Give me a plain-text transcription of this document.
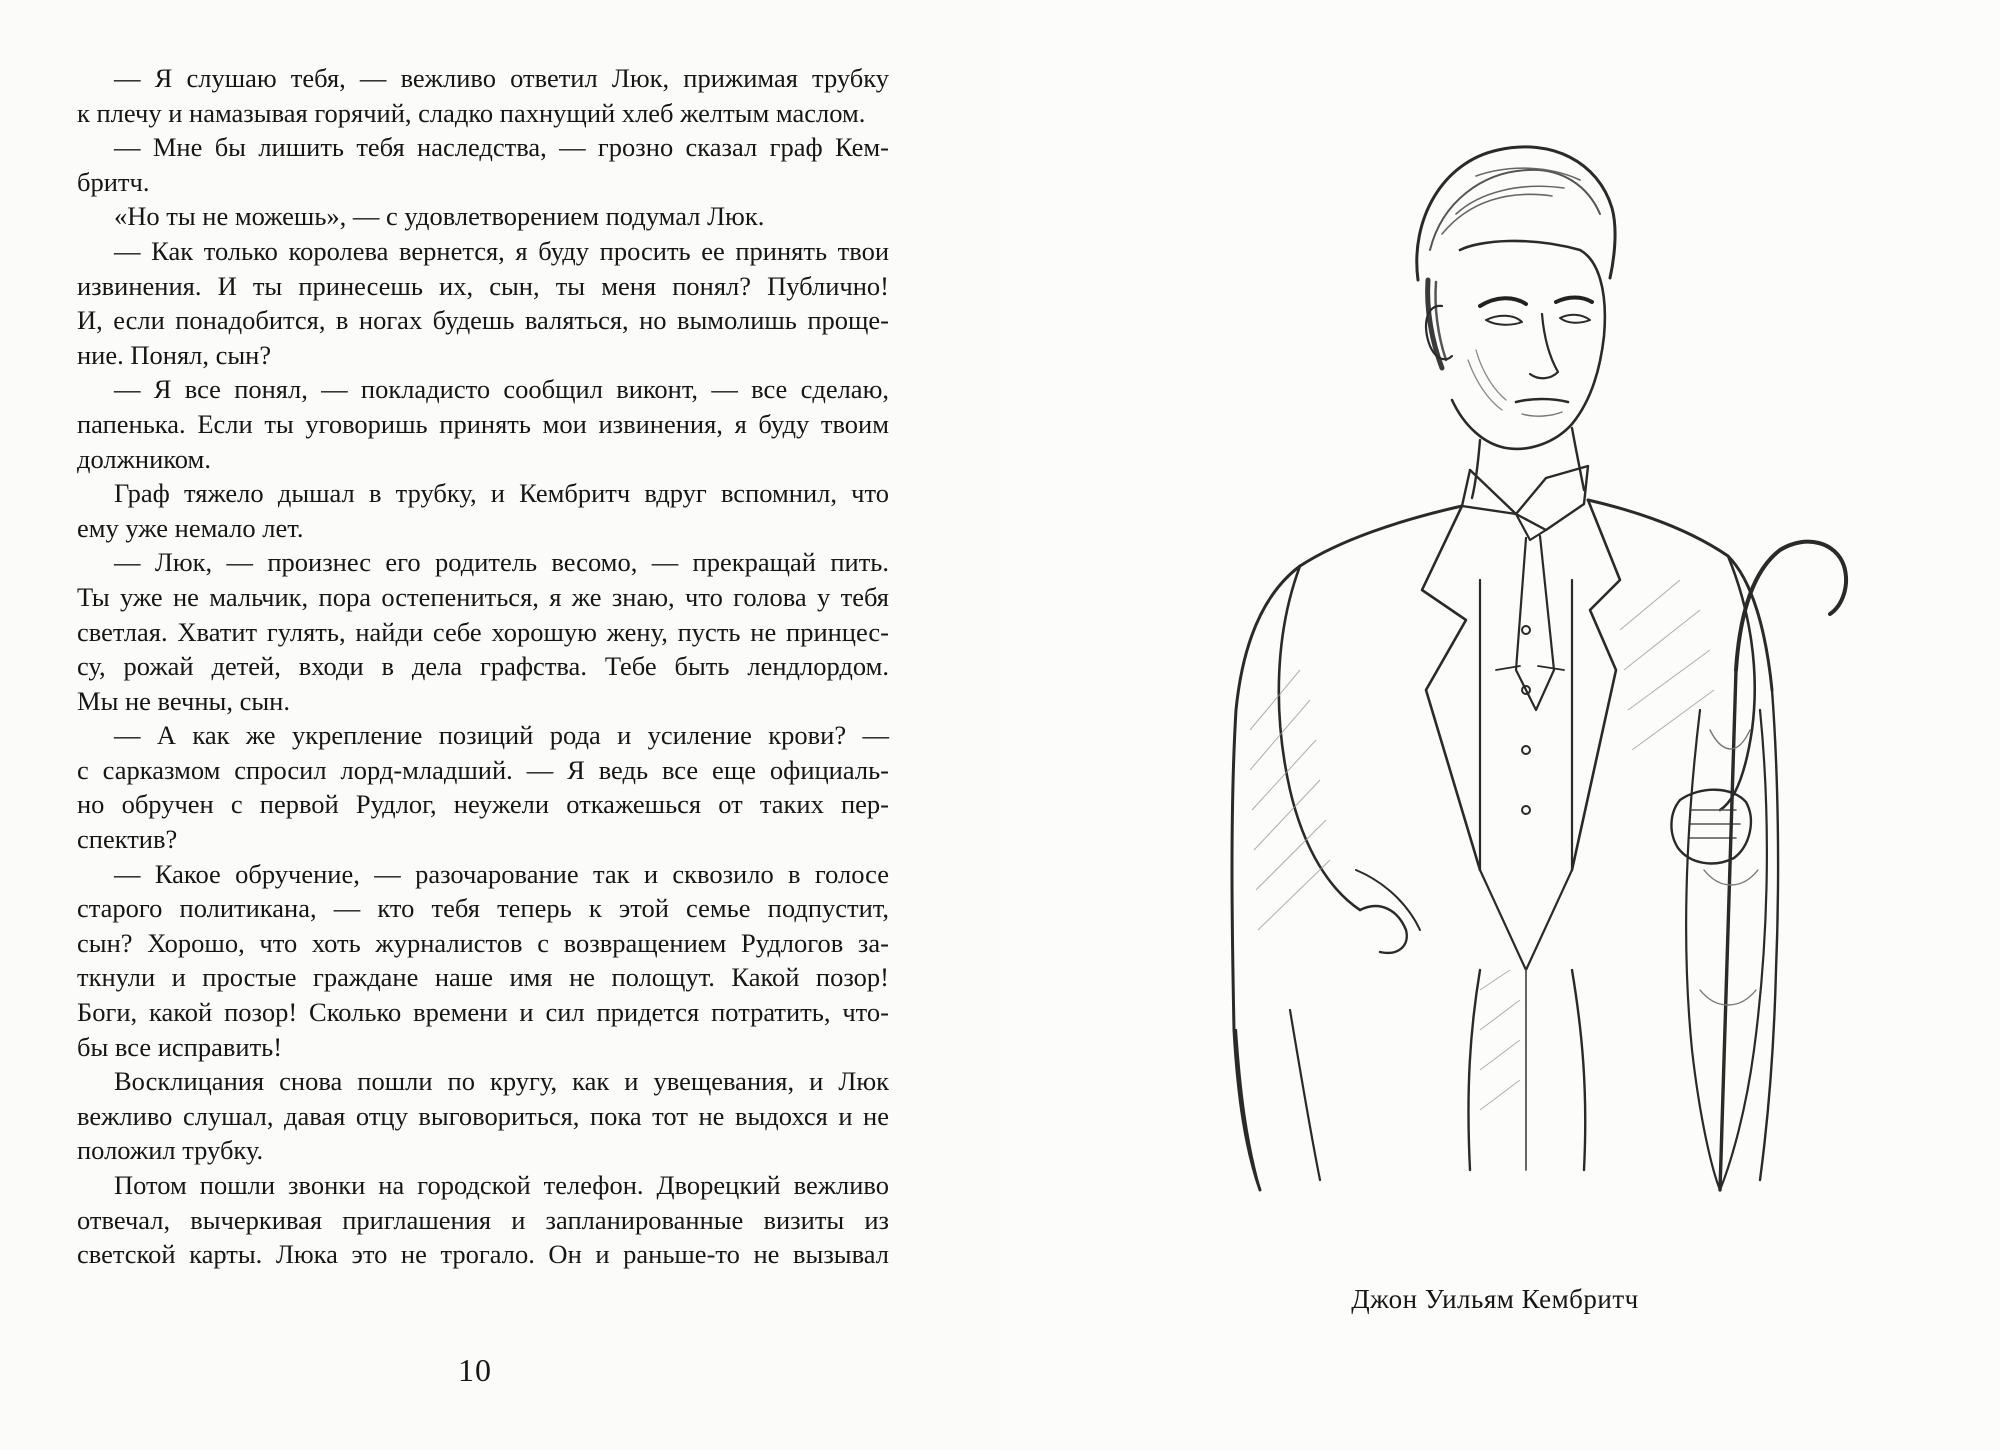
— Я слушаю тебя, — вежливо ответил Люк, прижимая трубку
к плечу и намазывая горячий, сладко пахнущий хлеб желтым маслом.
— Мне бы лишить тебя наследства, — грозно сказал граф Кем-
бритч.
«Но ты не можешь», — с удовлетворением подумал Люк.
— Как только королева вернется, я буду просить ее принять твои
извинения. И ты принесешь их, сын, ты меня понял? Публично!
И, если понадобится, в ногах будешь валяться, но вымолишь проще-
ние. Понял, сын?
— Я все понял, — покладисто сообщил виконт, — все сделаю,
папенька. Если ты уговоришь принять мои извинения, я буду твоим
должником.
Граф тяжело дышал в трубку, и Кембритч вдруг вспомнил, что
ему уже немало лет.
— Люк, — произнес его родитель весомо, — прекращай пить.
Ты уже не мальчик, пора остепениться, я же знаю, что голова у тебя
светлая. Хватит гулять, найди себе хорошую жену, пусть не принцес-
су, рожай детей, входи в дела графства. Тебе быть лендлордом.
Мы не вечны, сын.
— А как же укрепление позиций рода и усиление крови? —
с сарказмом спросил лорд-младший. — Я ведь все еще официаль-
но обручен с первой Рудлог, неужели откажешься от таких пер-
спектив?
— Какое обручение, — разочарование так и сквозило в голосе
старого политикана, — кто тебя теперь к этой семье подпустит,
сын? Хорошо, что хоть журналистов с возвращением Рудлогов за-
ткнули и простые граждане наше имя не полощут. Какой позор!
Боги, какой позор! Сколько времени и сил придется потратить, что-
бы все исправить!
Восклицания снова пошли по кругу, как и увещевания, и Люк
вежливо слушал, давая отцу выговориться, пока тот не выдохся и не
положил трубку.
Потом пошли звонки на городской телефон. Дворецкий вежливо
отвечал, вычеркивая приглашения и запланированные визиты из
светской карты. Люка это не трогало. Он и раньше-то не вызывал
10
Джон Уильям Кембритч
